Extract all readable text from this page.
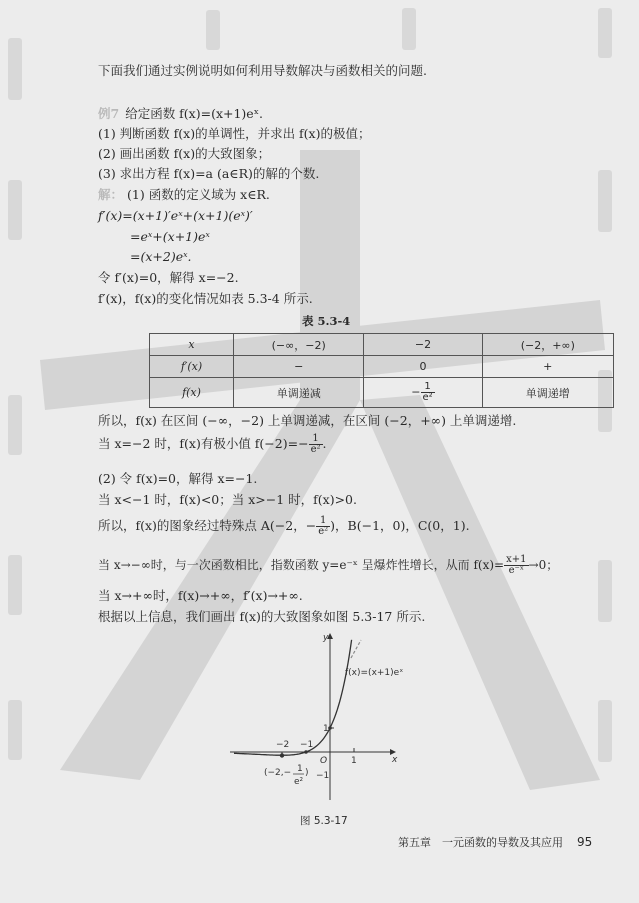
下面我们通过实例说明如何利用导数解决与函数相关的问题.
例7 给定函数 f(x)=(x+1)eˣ.
(1) 判断函数 f(x)的单调性，并求出 f(x)的极值；
(2) 画出函数 f(x)的大致图象；
(3) 求出方程 f(x)=a (a∈R)的解的个数.
解： (1) 函数的定义域为 x∈R.
f′(x)=(x+1)′eˣ+(x+1)(eˣ)′
=eˣ+(x+1)eˣ
=(x+2)eˣ.
令 f′(x)=0，解得 x=−2.
f′(x)，f(x)的变化情况如表 5.3-4 所示.
表 5.3-4
x	(−∞，−2)	−2	(−2，+∞)
f′(x)	−	0	+
f(x)	单调递减	− $\frac{1}{\text{e²}}$	单调递增
所以，f(x) 在区间 (−∞，−2) 上单调递减，在区间 (−2，+∞) 上单调递增.
当 x=−2 时，f(x)有极小值 $f(-2)=- \frac{1}{\text{e²}}$ .
(2) 令 f(x)=0，解得 x=−1.
当 x<−1 时，f(x)<0；当 x>−1 时，f(x)>0.
所以，f(x)的图象经过特殊点 A(−2，− $\frac{1}{\text{e²}}$ )，B(−1，0)，C(0，1).
当 x→−∞时，与一次函数相比，指数函数 y=e⁻ˣ 呈爆炸性增长，从而 $f(x)= \frac{x+1}{\text{e⁻ˣ}} \to 0$；
当 x→+∞时，f(x)→+∞，f′(x)→+∞.
根据以上信息，我们画出 f(x)的大致图象如图 5.3-17 所示.
f(x)=(x+1)eˣ
y
x
O
−2 −1
1
1
−1
(−2,− 1
e²
)
图 5.3-17
第五章　一元函数的导数及其应用 95
